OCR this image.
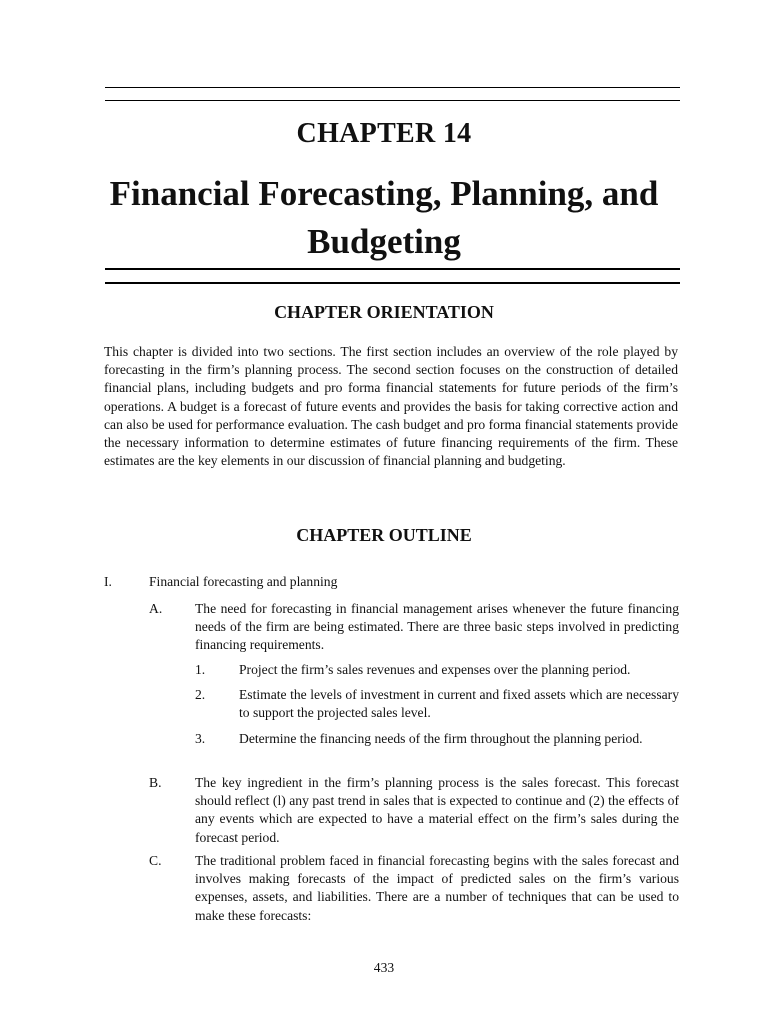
CHAPTER 14
Financial Forecasting, Planning, and Budgeting
CHAPTER ORIENTATION

This chapter is divided into two sections. The first section includes an overview of the role played by forecasting in the firm’s planning process. The second section focuses on the construction of detailed financial plans, including budgets and pro forma financial statements for future periods of the firm’s operations. A budget is a forecast of future events and provides the basis for taking corrective action and can also be used for performance evaluation. The cash budget and pro forma financial statements provide the necessary information to determine estimates of future financing requirements of the firm. These estimates are the key elements in our discussion of financial planning and budgeting.

CHAPTER OUTLINE
I.	Financial forecasting and planning

A. The need for forecasting in financial management arises whenever the future financing needs of the firm are being estimated. There are three basic steps involved in predicting financing requirements.

1. Project the firm’s sales revenues and expenses over the planning period.

2. Estimate the levels of investment in current and fixed assets which are necessary to support the projected sales level.

3. Determine the financing needs of the firm throughout the planning period.

B. The key ingredient in the firm’s planning process is the sales forecast. This forecast should reflect (l) any past trend in sales that is expected to continue and (2) the effects of any events which are expected to have a material effect on the firm’s sales during the forecast period.

C. The traditional problem faced in financial forecasting begins with the sales forecast and involves making forecasts of the impact of predicted sales on the firm’s various expenses, assets, and liabilities. There are a number of techniques that can be used to make these forecasts:

433
